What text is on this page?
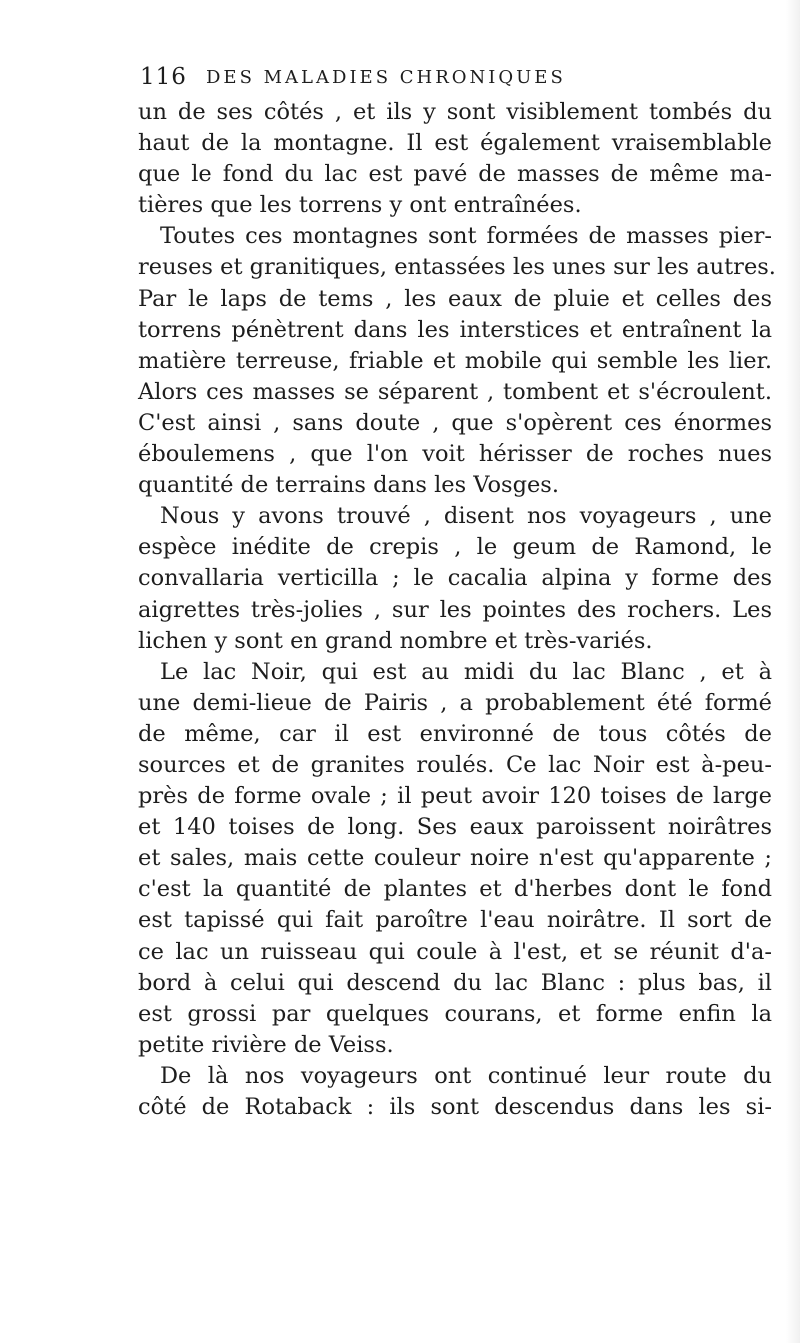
116 DES MALADIES CHRONIQUES
un de ses côtés , et ils y sont visiblement tombés du
haut de la montagne. Il est également vraisemblable
que le fond du lac est pavé de masses de même ma-
tières que les torrens y ont entraînées.
Toutes ces montagnes sont formées de masses pier-
reuses et granitiques, entassées les unes sur les autres.
Par le laps de tems , les eaux de pluie et celles des
torrens pénètrent dans les interstices et entraînent la
matière terreuse, friable et mobile qui semble les lier.
Alors ces masses se séparent , tombent et s'écroulent.
C'est ainsi , sans doute , que s'opèrent ces énormes
éboulemens , que l'on voit hérisser de roches nues
quantité de terrains dans les Vosges.
Nous y avons trouvé , disent nos voyageurs , une
espèce inédite de crepis , le geum de Ramond, le
convallaria verticilla ; le cacalia alpina y forme des
aigrettes très-jolies , sur les pointes des rochers. Les
lichen y sont en grand nombre et très-variés.
Le lac Noir, qui est au midi du lac Blanc , et à
une demi-lieue de Pairis , a probablement été formé
de même, car il est environné de tous côtés de
sources et de granites roulés. Ce lac Noir est à-peu-
près de forme ovale ; il peut avoir 120 toises de large
et 140 toises de long. Ses eaux paroissent noirâtres
et sales, mais cette couleur noire n'est qu'apparente ;
c'est la quantité de plantes et d'herbes dont le fond
est tapissé qui fait paroître l'eau noirâtre. Il sort de
ce lac un ruisseau qui coule à l'est, et se réunit d'a-
bord à celui qui descend du lac Blanc : plus bas, il
est grossi par quelques courans, et forme enfin la
petite rivière de Veiss.
De là nos voyageurs ont continué leur route du
côté de Rotaback : ils sont descendus dans les si-
